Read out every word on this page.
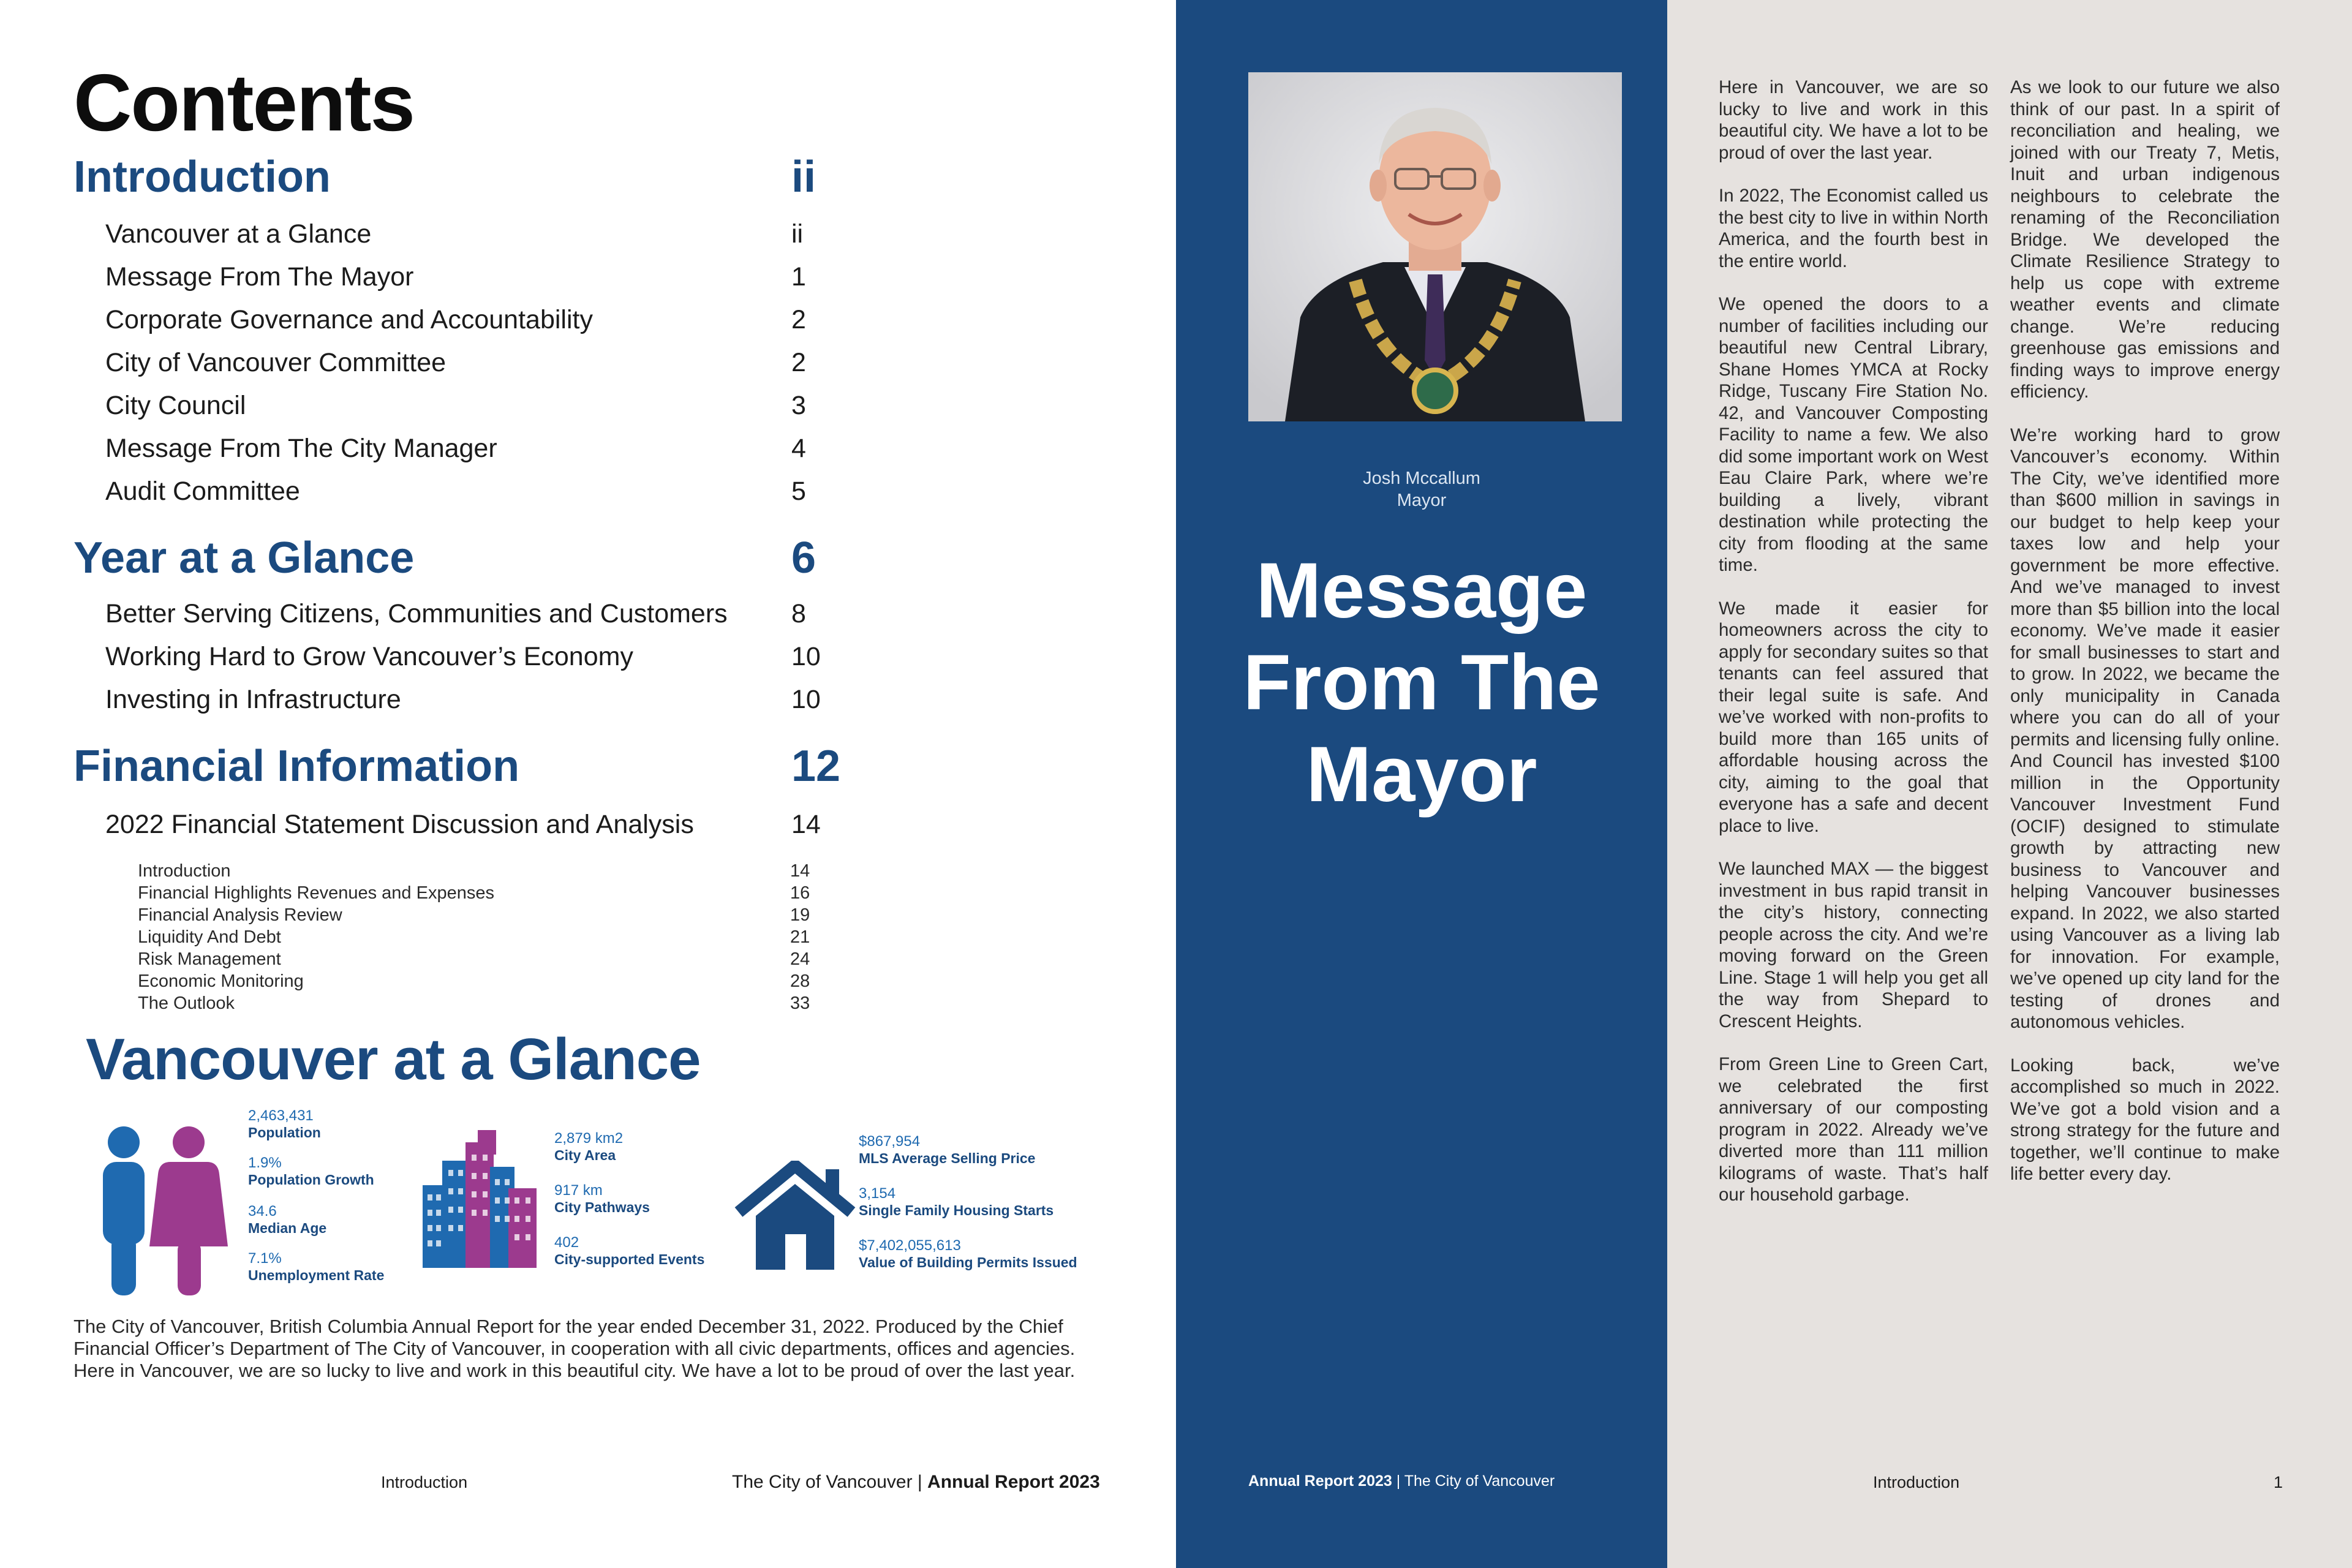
Contents
Introduction	ii
Vancouver at a Glance	ii
Message From The Mayor	1
Corporate Governance and Accountability	2
City of Vancouver Committee	2
City Council	3
Message From The City Manager	4
Audit Committee	5
Year at a Glance	6
Better Serving Citizens, Communities and Customers 8
Working Hard to Grow Vancouver’s Economy	10
Investing in Infrastructure	10
Financial Information	12
2022 Financial Statement Discussion and Analysis	14
Introduction	14
Financial Highlights Revenues and Expenses	16
Financial Analysis Review	19
Liquidity And Debt	21
Risk Management	24
Economic Monitoring	28
The Outlook	33
Vancouver at a Glance
2,463,431
Population
1.9%
Population Growth
34.6
Median Age
7.1%
Unemployment Rate
2,879 km2
City Area
917 km
City Pathways
402
City-supported Events
$867,954
MLS Average Selling Price
3,154
Single Family Housing Starts
$7,402,055,613
Value of Building Permits Issued
The City of Vancouver, British Columbia Annual Report for the year ended December 31, 2022. Produced by the Chief Financial Officer’s Department of The City of Vancouver, in cooperation with all civic departments, offices and agencies. Here in Vancouver, we are so lucky to live and work in this beautiful city. We have a lot to be proud of over the last year.
Introduction	The City of Vancouver | Annual Report 2023
Josh Mccallum
Mayor
Message
From The
Mayor
Annual Report 2023 | The City of Vancouver

Here in Vancouver, we are so lucky to live and work in this beautiful city. We have a lot to be proud of over the last year.

In 2022, The Economist called us the best city to live in within North America, and the fourth best in the entire world.

We opened the doors to a number of facilities including our beautiful new Central Library, Shane Homes YMCA at Rocky Ridge, Tuscany Fire Station No. 42, and Vancouver Composting Facility to name a few. We also did some important work on West Eau Claire Park, where we’re building a lively, vibrant destination while protecting the city from flooding at the same time.

We made it easier for homeowners across the city to apply for secondary suites so that tenants can feel assured that their legal suite is safe. And we’ve worked with non-profits to build more than 165 units of affordable housing across the city, aiming to the goal that everyone has a safe and decent place to live.

We launched MAX — the biggest investment in bus rapid transit in the city’s history, connecting people across the city. And we’re moving forward on the Green Line. Stage 1 will help you get all the way from Shepard to Crescent Heights.

From Green Line to Green Cart, we celebrated the first anniversary of our composting program in 2022. Already we’ve diverted more than 111 million kilograms of waste. That’s half our household garbage.

As we look to our future we also think of our past. In a spirit of reconciliation and healing, we joined with our Treaty 7, Metis, Inuit and urban indigenous neighbours to celebrate the renaming of the Reconciliation Bridge. We developed the Climate Resilience Strategy to help us cope with extreme weather events and climate change. We’re reducing greenhouse gas emissions and finding ways to improve energy efficiency.

We’re working hard to grow Vancouver’s economy. Within The City, we’ve identified more than $600 million in savings in our budget to help keep your taxes low and help your government be more effective. And we’ve managed to invest more than $5 billion into the local economy. We’ve made it easier for small businesses to start and to grow. In 2022, we became the only municipality in Canada where you can do all of your permits and licensing fully online. And Council has invested $100 million in the Opportunity Vancouver Investment Fund (OCIF) designed to stimulate growth by attracting new business to Vancouver and helping Vancouver businesses expand. In 2022, we also started using Vancouver as a living lab for innovation. For example, we’ve opened up city land for the testing of drones and autonomous vehicles.

Looking back, we’ve accomplished so much in 2022. We’ve got a bold vision and a strong strategy for the future and together, we’ll continue to make life better every day.

Introduction	1
